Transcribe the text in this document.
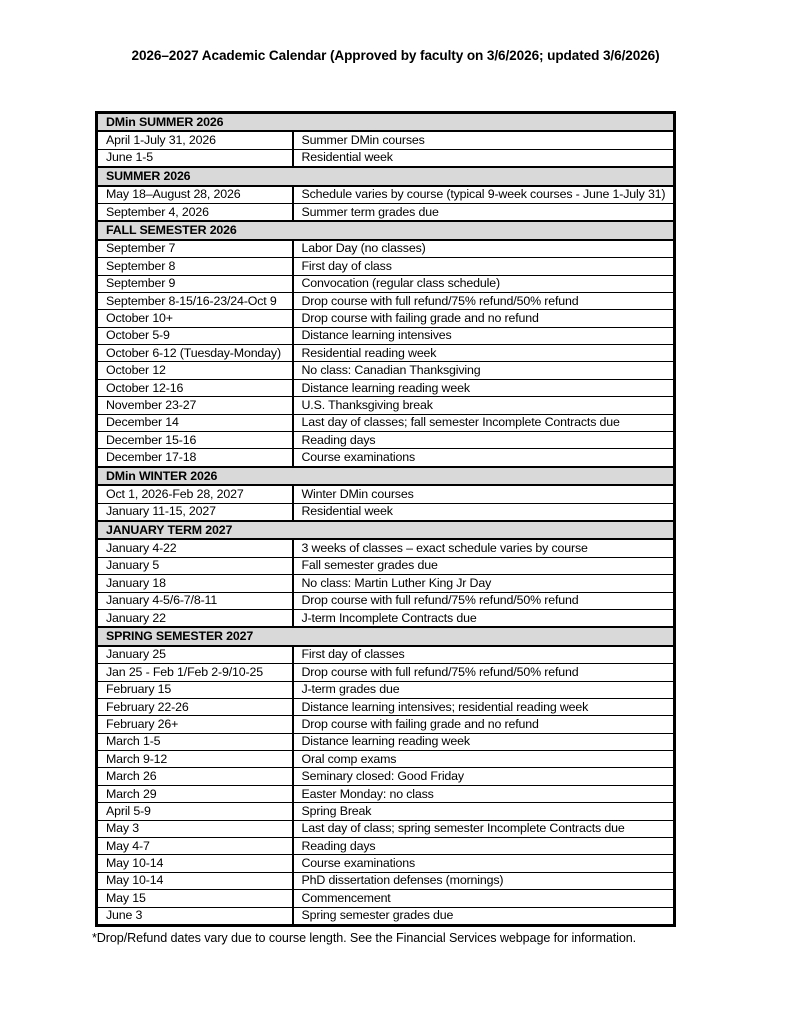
2026–2027 Academic Calendar (Approved by faculty on 3/6/2026; updated 3/6/2026)
DMin SUMMER 2026	
April 1-July 31, 2026	Summer DMin courses
June 1-5	Residential week
SUMMER 2026	
May 18–August 28, 2026	Schedule varies by course (typical 9-week courses - June 1-July 31)
September 4, 2026	Summer term grades due
FALL SEMESTER 2026	
September 7	Labor Day (no classes)
September 8	First day of class
September 9	Convocation (regular class schedule)
September 8-15/16-23/24-Oct 9	Drop course with full refund/75% refund/50% refund
October 10+	Drop course with failing grade and no refund
October 5-9	Distance learning intensives
October 6-12 (Tuesday-Monday)	Residential reading week
October 12	No class: Canadian Thanksgiving
October 12-16	Distance learning reading week
November 23-27	U.S. Thanksgiving break
December 14	Last day of classes; fall semester Incomplete Contracts due
December 15-16	Reading days
December 17-18	Course examinations
DMin WINTER 2026	
Oct 1, 2026-Feb 28, 2027	Winter DMin courses
January 11-15, 2027	Residential week
JANUARY TERM 2027	
January 4-22	3 weeks of classes – exact schedule varies by course
January 5	Fall semester grades due
January 18	No class: Martin Luther King Jr Day
January 4-5/6-7/8-11	Drop course with full refund/75% refund/50% refund
January 22	J-term Incomplete Contracts due
SPRING SEMESTER 2027	
January 25	First day of classes
Jan 25 - Feb 1/Feb 2-9/10-25	Drop course with full refund/75% refund/50% refund
February 15	J-term grades due
February 22-26	Distance learning intensives; residential reading week
February 26+	Drop course with failing grade and no refund
March 1-5	Distance learning reading week
March 9-12	Oral comp exams
March 26	Seminary closed: Good Friday
March 29	Easter Monday: no class
April 5-9	Spring Break
May 3	Last day of class; spring semester Incomplete Contracts due
May 4-7	Reading days
May 10-14	Course examinations
May 10-14	PhD dissertation defenses (mornings)
May 15	Commencement
June 3	Spring semester grades due
*Drop/Refund dates vary due to course length. See the Financial Services webpage for information.
